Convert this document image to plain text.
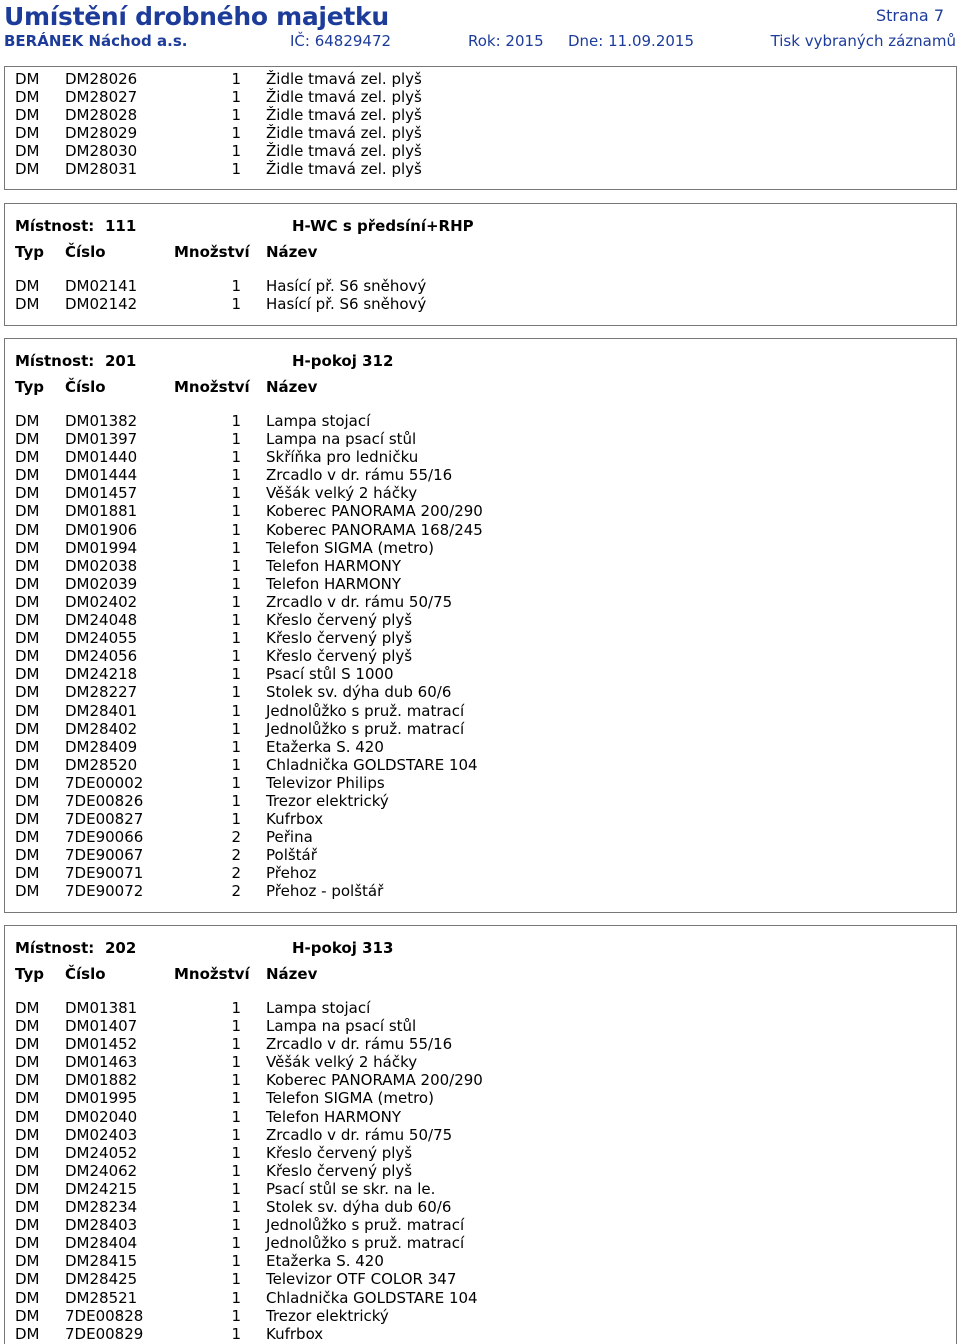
Umístění drobného majetku	Strana 7
BERÁNEK Náchod a.s.	IČ: 64829472	Rok: 2015 Dne: 11.09.2015	Tisk vybraných záznamů
DM DM28026	1 Židle tmavá zel. plyš
DM DM28027	1 Židle tmavá zel. plyš
DM DM28028	1 Židle tmavá zel. plyš
DM DM28029	1 Židle tmavá zel. plyš
DM DM28030	1 Židle tmavá zel. plyš
DM DM28031	1 Židle tmavá zel. plyš
Místnost: 111	H-WC s předsíní+RHP
Typ Číslo	Množství Název
DM DM02141	1 Hasící př. S6 sněhový
DM DM02142	1 Hasící př. S6 sněhový
Místnost: 201	H-pokoj 312
Typ Číslo	Množství Název
DM DM01382	1 Lampa stojací
DM DM01397	1 Lampa na psací stůl
DM DM01440	1 Skříňka pro ledničku
DM DM01444	1 Zrcadlo v dr. rámu 55/16
DM DM01457	1 Věšák velký 2 háčky
DM DM01881	1 Koberec PANORAMA 200/290
DM DM01906	1 Koberec PANORAMA 168/245
DM DM01994	1 Telefon SIGMA (metro)
DM DM02038	1 Telefon HARMONY
DM DM02039	1 Telefon HARMONY
DM DM02402	1 Zrcadlo v dr. rámu 50/75
DM DM24048	1 Křeslo červený plyš
DM DM24055	1 Křeslo červený plyš
DM DM24056	1 Křeslo červený plyš
DM DM24218	1 Psací stůl S 1000
DM DM28227	1 Stolek sv. dýha dub 60/6
DM DM28401	1 Jednolůžko s pruž. matrací
DM DM28402	1 Jednolůžko s pruž. matrací
DM DM28409	1 Etažerka S. 420
DM DM28520	1 Chladnička GOLDSTARE 104
DM 7DE00002	1 Televizor Philips
DM 7DE00826	1 Trezor elektrický
DM 7DE00827	1 Kufrbox
DM 7DE90066	2 Peřina
DM 7DE90067	2 Polštář
DM 7DE90071	2 Přehoz
DM 7DE90072	2 Přehoz - polštář
Místnost: 202	H-pokoj 313
Typ Číslo	Množství Název
DM DM01381	1 Lampa stojací
DM DM01407	1 Lampa na psací stůl
DM DM01452	1 Zrcadlo v dr. rámu 55/16
DM DM01463	1 Věšák velký 2 háčky
DM DM01882	1 Koberec PANORAMA 200/290
DM DM01995	1 Telefon SIGMA (metro)
DM DM02040	1 Telefon HARMONY
DM DM02403	1 Zrcadlo v dr. rámu 50/75
DM DM24052	1 Křeslo červený plyš
DM DM24062	1 Křeslo červený plyš
DM DM24215	1 Psací stůl se skr. na le.
DM DM28234	1 Stolek sv. dýha dub 60/6
DM DM28403	1 Jednolůžko s pruž. matrací
DM DM28404	1 Jednolůžko s pruž. matrací
DM DM28415	1 Etažerka S. 420
DM DM28425	1 Televizor OTF COLOR 347
DM DM28521	1 Chladnička GOLDSTARE 104
DM 7DE00828	1 Trezor elektrický
DM 7DE00829	1 Kufrbox
